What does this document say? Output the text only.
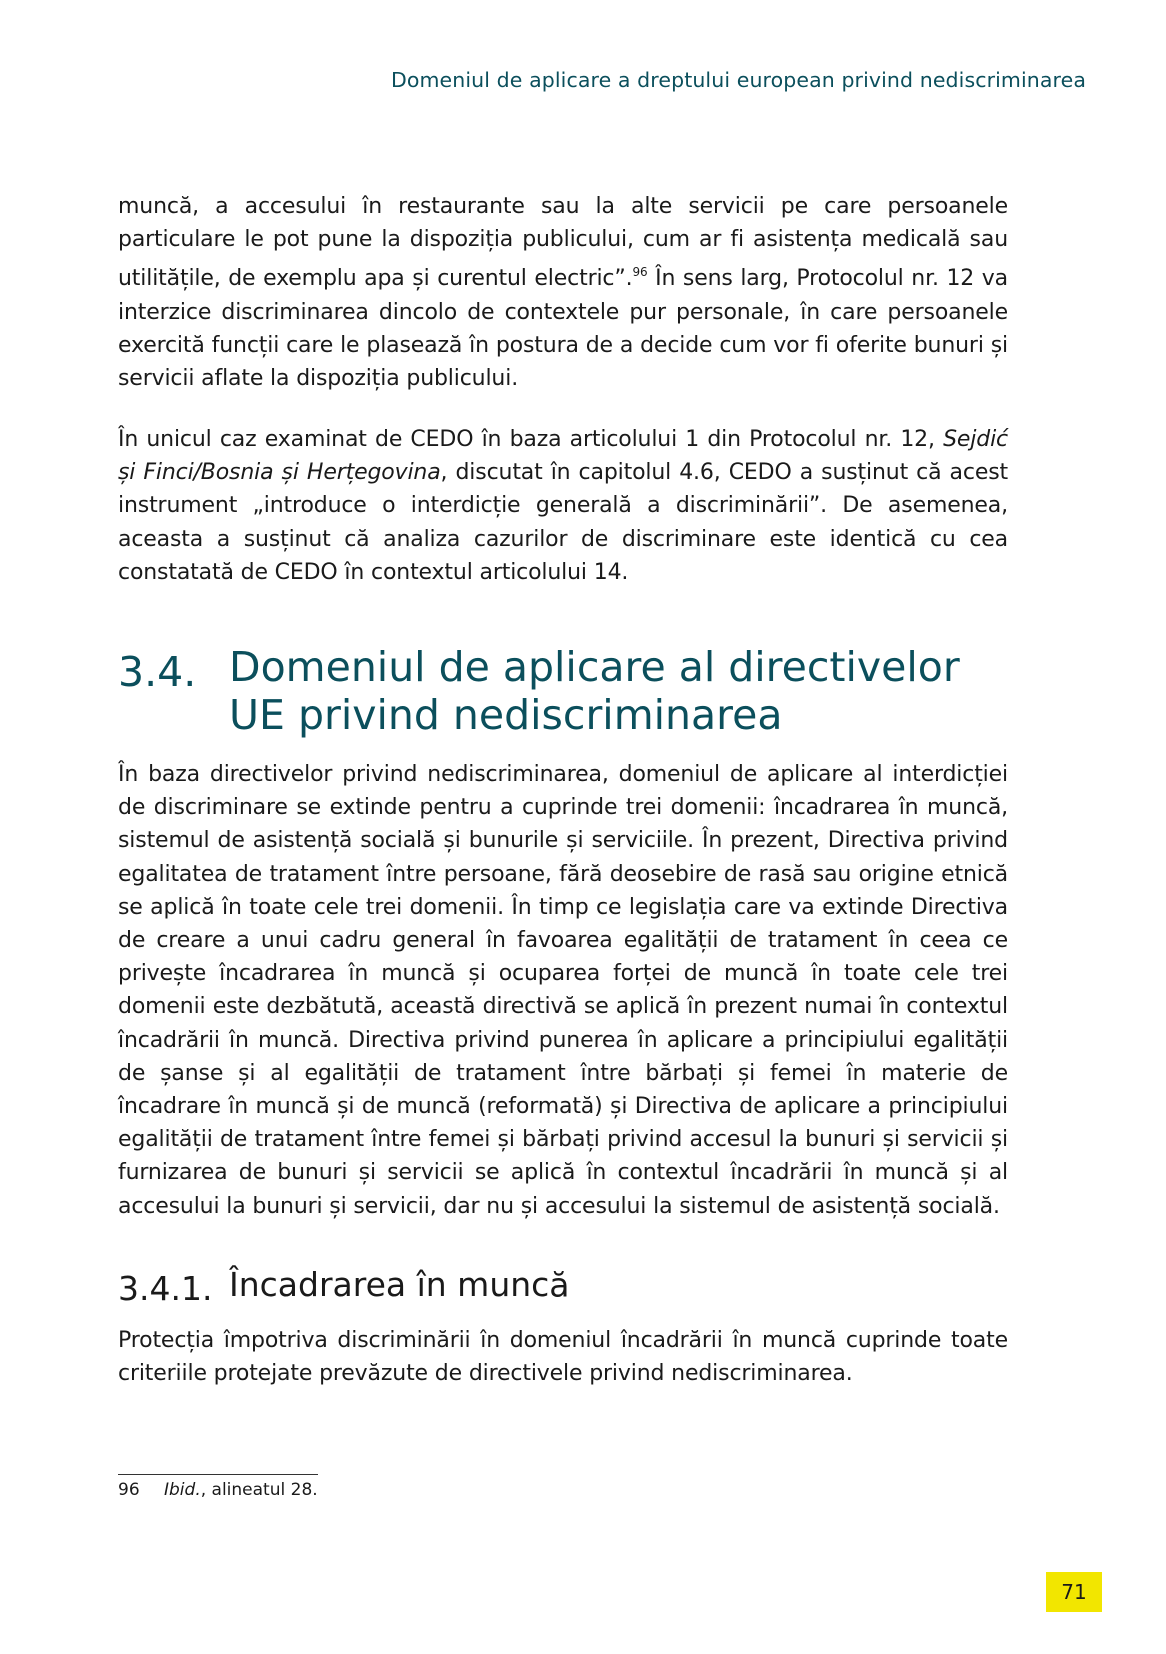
Domeniul de aplicare a dreptului european privind nediscriminarea

muncă, a accesului în restaurante sau la alte servicii pe care persoanele particulare le pot pune la dispoziția publicului, cum ar fi asistența medicală sau utilitățile, de exemplu apa și curentul electric”.$^{96}$ În sens larg, Protocolul nr. 12 va interzice discriminarea dincolo de contextele pur personale, în care persoanele exercită funcții care le plasează în postura de a decide cum vor fi oferite bunuri și servicii aflate la dispoziția publicului.

În unicul caz examinat de CEDO în baza articolului 1 din Protocolul nr. 12, Sejdić și Finci/Bosnia și Herțegovina, discutat în capitolul 4.6, CEDO a susținut că acest instrument „introduce o interdicție generală a discriminării”. De asemenea, aceasta a susținut că analiza cazurilor de discriminare este identică cu cea constatată de CEDO în contextul articolului 14.

În baza directivelor privind nediscriminarea, domeniul de aplicare al interdicției de discriminare se extinde pentru a cuprinde trei domenii: încadrarea în muncă, sistemul de asistență socială și bunurile și serviciile. În prezent, Directiva privind egalitatea de tratament între persoane, fără deosebire de rasă sau origine etnică se aplică în toate cele trei domenii. În timp ce legislația care va extinde Directiva de creare a unui cadru general în favoarea egalității de tratament în ceea ce privește încadrarea în muncă și ocuparea forței de muncă în toate cele trei domenii este dezbătută, această directivă se aplică în prezent numai în contextul încadrării în muncă. Directiva privind punerea în aplicare a principiului egalității de șanse și al egalității de tratament între bărbați și femei în materie de încadrare în muncă și de muncă (reformată) și Directiva de aplicare a principiului egalității de tratament între femei și bărbați privind accesul la bunuri și servicii și furnizarea de bunuri și servicii se aplică în contextul încadrării în muncă și al accesului la bunuri și servicii, dar nu și accesului la sistemul de asistență socială.

Protecția împotriva discriminării în domeniul încadrării în muncă cuprinde toate criteriile protejate prevăzute de directivele privind nediscriminarea.

3.4. Domeniul de aplicare al directivelor UE privind nediscriminarea
3.4.1. Încadrarea în muncă
96 Ibid., alineatul 28.
71
